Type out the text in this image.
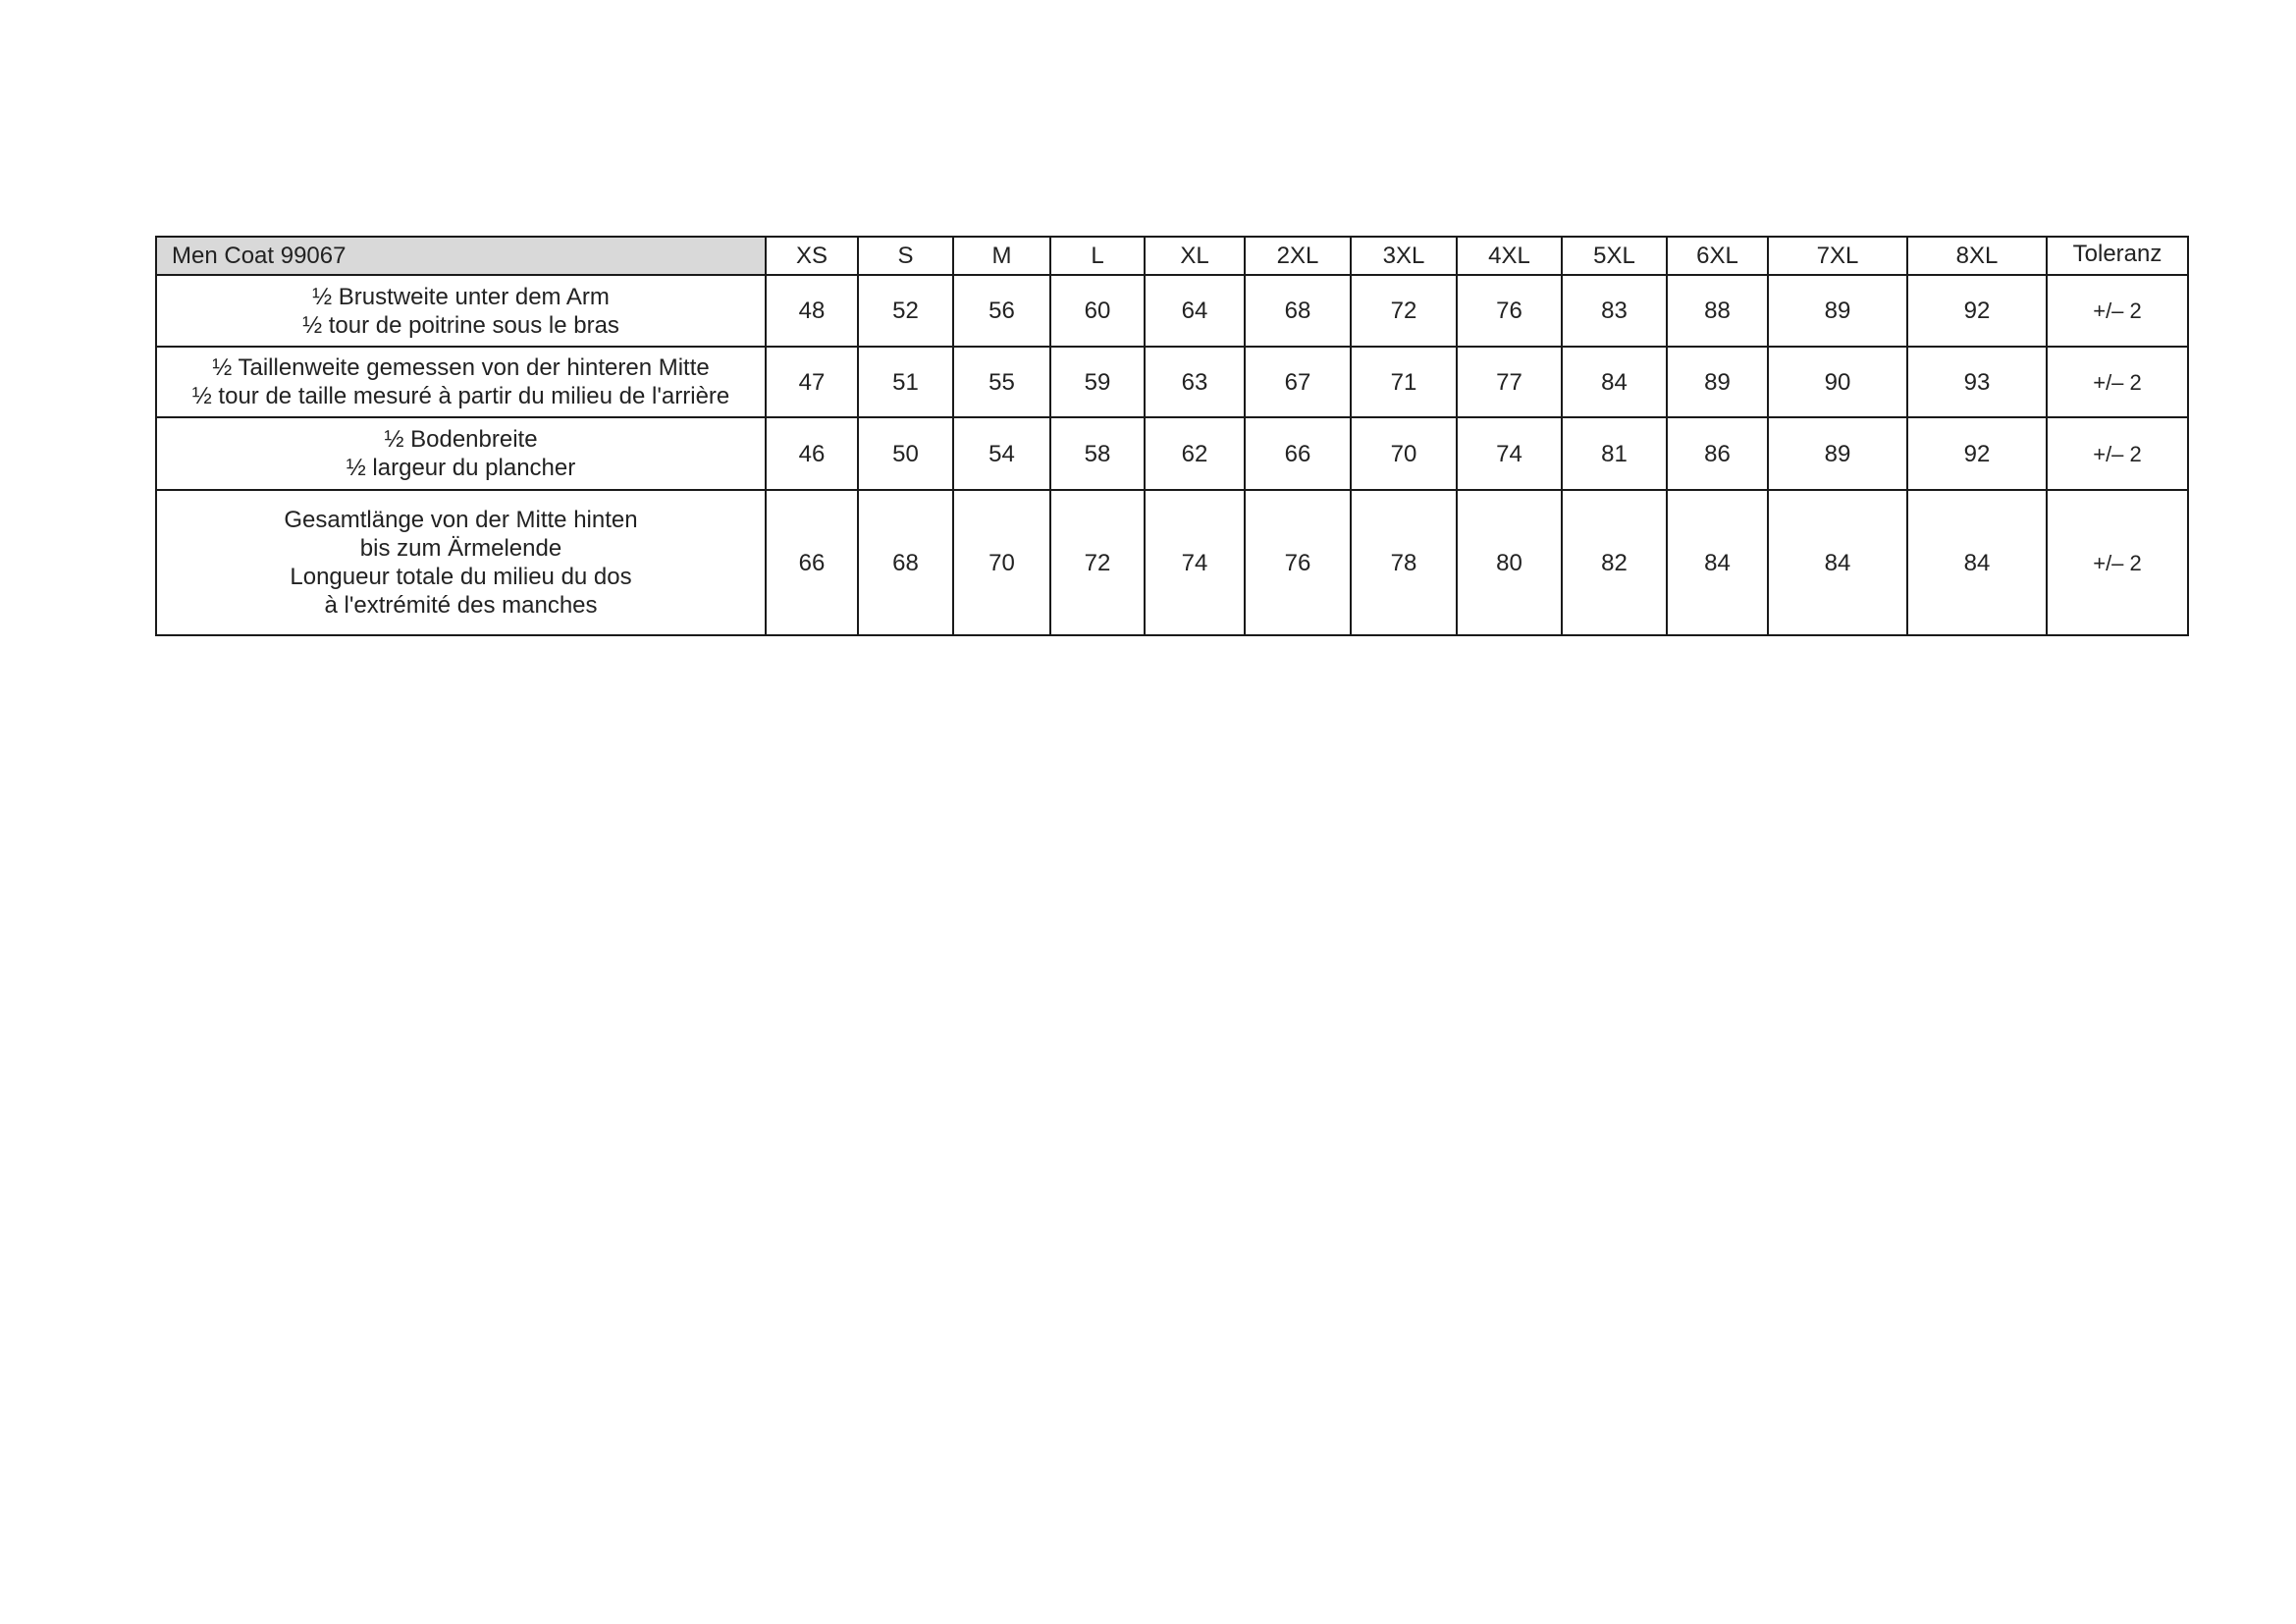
Men Coat 99067	XS	S	M	L	XL	2XL	3XL	4XL	5XL	6XL	7XL	8XL	Toleranz

½ Brustweite unter dem Arm
½ tour de poitrine sous le bras	48	52	56	60	64	68	72	76	83	88	89	92	+/– 2

½ Taillenweite gemessen von der hinteren Mitte
½ tour de taille mesuré à partir du milieu de l'arrière	47	51	55	59	63	67	71	77	84	89	90	93	+/– 2

½ Bodenbreite
½ largeur du plancher	46	50	54	58	62	66	70	74	81	86	89	92	+/– 2

Gesamtlänge von der Mitte hinten
bis zum Ärmelende
Longueur totale du milieu du dos
à l'extrémité des manches	66	68	70	72	74	76	78	80	82	84	84	84	+/– 2
